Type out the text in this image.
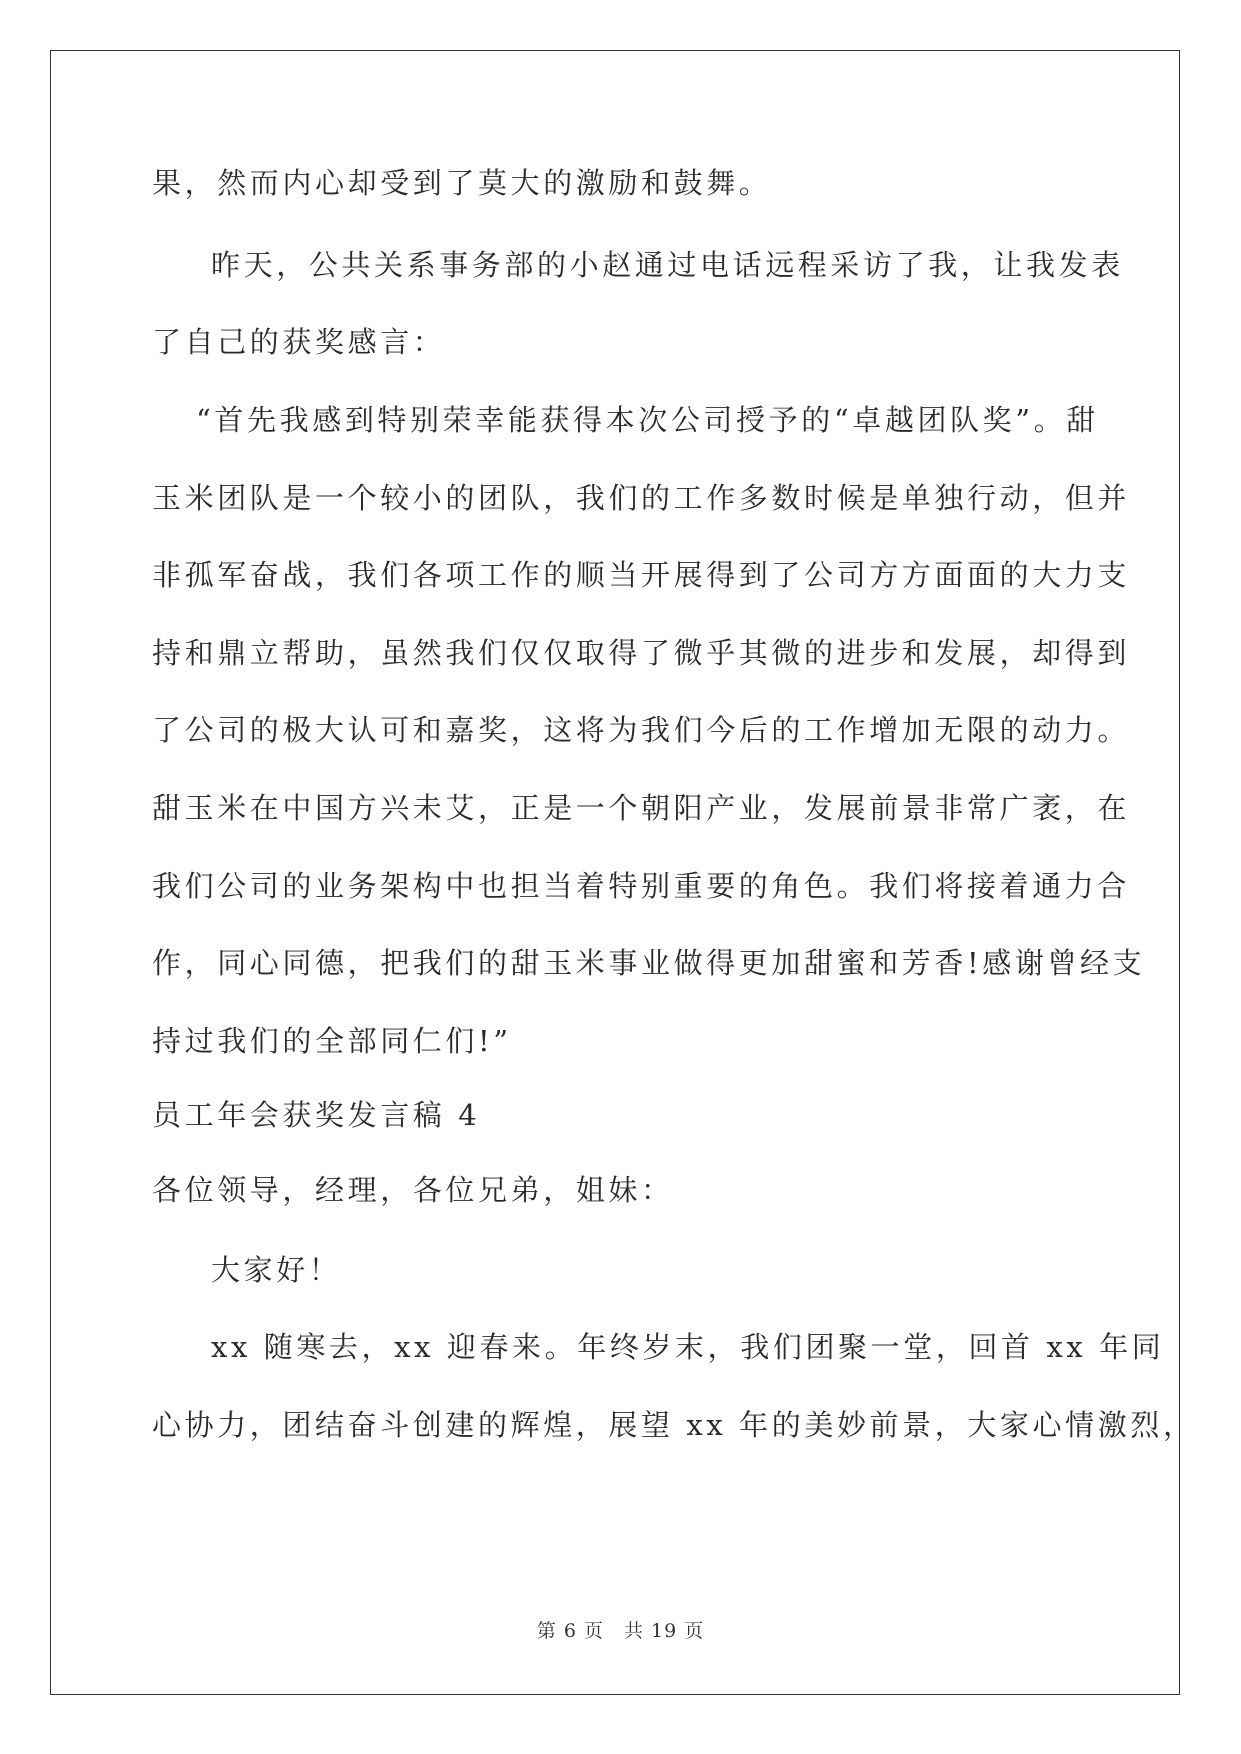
果，然而内心却受到了莫大的激励和鼓舞。
昨天，公共关系事务部的小赵通过电话远程采访了我，让我发表
了自己的获奖感言：
“首先我感到特别荣幸能获得本次公司授予的“卓越团队奖”。甜
玉米团队是一个较小的团队，我们的工作多数时候是单独行动，但并
非孤军奋战，我们各项工作的顺当开展得到了公司方方面面的大力支
持和鼎立帮助，虽然我们仅仅取得了微乎其微的进步和发展，却得到
了公司的极大认可和嘉奖，这将为我们今后的工作增加无限的动力。
甜玉米在中国方兴未艾，正是一个朝阳产业，发展前景非常广袤，在
我们公司的业务架构中也担当着特别重要的角色。我们将接着通力合
作，同心同德，把我们的甜玉米事业做得更加甜蜜和芳香!感谢曾经支
持过我们的全部同仁们!”
员工年会获奖发言稿 4
各位领导，经理，各位兄弟，姐妹：
大家好！
xx 随寒去，xx 迎春来。年终岁末，我们团聚一堂，回首 xx 年同
心协力，团结奋斗创建的辉煌，展望 xx 年的美妙前景，大家心情激烈，
第 6 页　共 19 页
